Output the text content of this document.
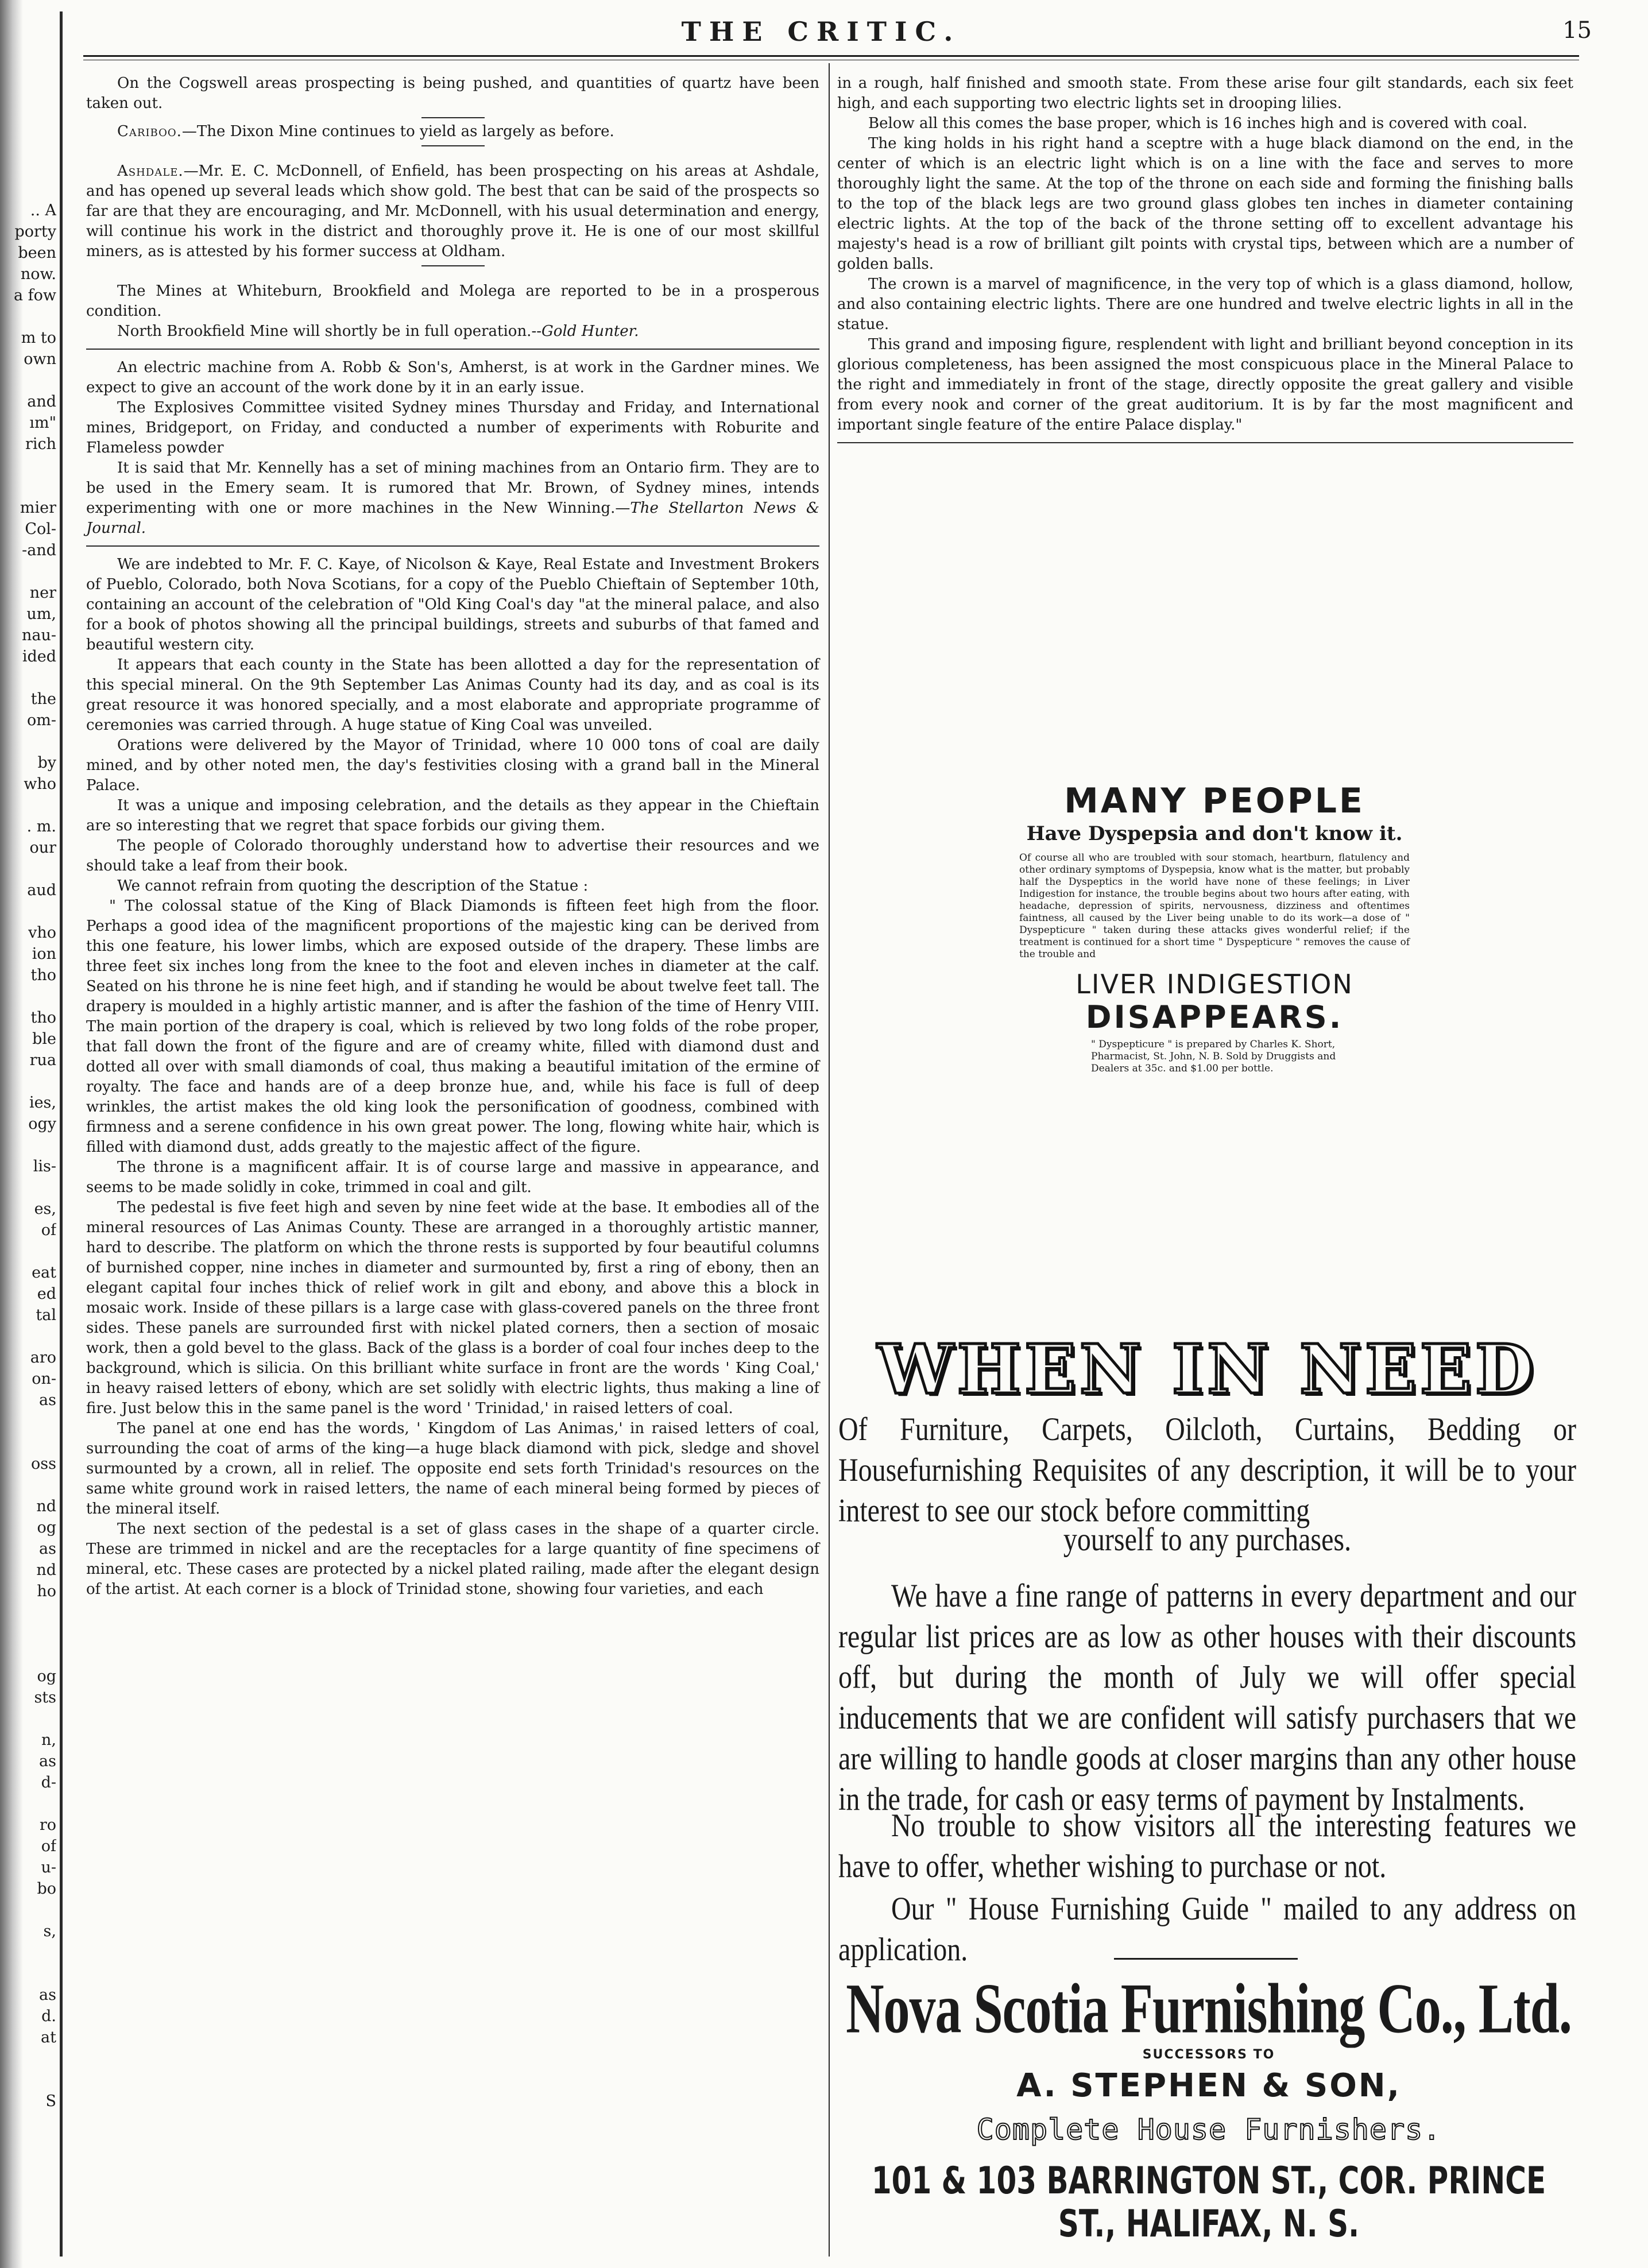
.. A
porty
been
now.
a fow
m to
own
and
ım"
rich
mier
Col-
-and
ner
um,
nau-
ided
the
om-
by
who
. m.
our
aud
vho
ion
tho
tho
ble
rua
ies,
ogy
lis-
es,
of
eat
ed
tal
aro
on-
as
oss
nd
og
as
nd
ho
og
sts
n,
as
d-
ro
of
u-
bo
s,
as
d.
at
S
THE CRITIC.	15

On the Cogswell areas prospecting is being pushed, and quantities of quartz have been taken out.

Cariboo.—The Dixon Mine continues to yield as largely as before.

Ashdale.—Mr. E. C. McDonnell, of Enfield, has been prospecting on his areas at Ashdale, and has opened up several leads which show gold. The best that can be said of the prospects so far are that they are encouraging, and Mr. McDonnell, with his usual determination and energy, will continue his work in the district and thoroughly prove it. He is one of our most skillful miners, as is attested by his former success at Oldham.

The Mines at Whiteburn, Brookfield and Molega are reported to be in a prosperous condition.

North Brookfield Mine will shortly be in full operation.--Gold Hunter.

An electric machine from A. Robb & Son's, Amherst, is at work in the Gardner mines. We expect to give an account of the work done by it in an early issue.

The Explosives Committee visited Sydney mines Thursday and Friday, and International mines, Bridgeport, on Friday, and conducted a number of experiments with Roburite and Flameless powder

It is said that Mr. Kennelly has a set of mining machines from an Ontario firm. They are to be used in the Emery seam. It is rumored that Mr. Brown, of Sydney mines, intends experimenting with one or more machines in the New Winning.—The Stellarton News & Journal.

We are indebted to Mr. F. C. Kaye, of Nicolson & Kaye, Real Estate and Investment Brokers of Pueblo, Colorado, both Nova Scotians, for a copy of the Pueblo Chieftain of September 10th, containing an account of the celebration of "Old King Coal's day "at the mineral palace, and also for a book of photos showing all the principal buildings, streets and suburbs of that famed and beautiful western city.

It appears that each county in the State has been allotted a day for the representation of this special mineral. On the 9th September Las Animas County had its day, and as coal is its great resource it was honored specially, and a most elaborate and appropriate programme of ceremonies was carried through. A huge statue of King Coal was unveiled.

Orations were delivered by the Mayor of Trinidad, where 10 000 tons of coal are daily mined, and by other noted men, the day's festivities closing with a grand ball in the Mineral Palace.

It was a unique and imposing celebration, and the details as they appear in the Chieftain are so interesting that we regret that space forbids our giving them.

The people of Colorado thoroughly understand how to advertise their resources and we should take a leaf from their book.

We cannot refrain from quoting the description of the Statue :

" The colossal statue of the King of Black Diamonds is fifteen feet high from the floor. Perhaps a good idea of the magnificent proportions of the majestic king can be derived from this one feature, his lower limbs, which are exposed outside of the drapery. These limbs are three feet six inches long from the knee to the foot and eleven inches in diameter at the calf. Seated on his throne he is nine feet high, and if standing he would be about twelve feet tall. The drapery is moulded in a highly artistic manner, and is after the fashion of the time of Henry VIII. The main portion of the drapery is coal, which is relieved by two long folds of the robe proper, that fall down the front of the figure and are of creamy white, filled with diamond dust and dotted all over with small diamonds of coal, thus making a beautiful imitation of the ermine of royalty. The face and hands are of a deep bronze hue, and, while his face is full of deep wrinkles, the artist makes the old king look the personification of goodness, combined with firmness and a serene confidence in his own great power. The long, flowing white hair, which is filled with diamond dust, adds greatly to the majestic affect of the figure.

The throne is a magnificent affair. It is of course large and massive in appearance, and seems to be made solidly in coke, trimmed in coal and gilt.

The pedestal is five feet high and seven by nine feet wide at the base. It embodies all of the mineral resources of Las Animas County. These are arranged in a thoroughly artistic manner, hard to describe. The platform on which the throne rests is supported by four beautiful columns of burnished copper, nine inches in diameter and surmounted by, first a ring of ebony, then an elegant capital four inches thick of relief work in gilt and ebony, and above this a block in mosaic work. Inside of these pillars is a large case with glass-covered panels on the three front sides. These panels are surrounded first with nickel plated corners, then a section of mosaic work, then a gold bevel to the glass. Back of the glass is a border of coal four inches deep to the background, which is silicia. On this brilliant white surface in front are the words ' King Coal,' in heavy raised letters of ebony, which are set solidly with electric lights, thus making a line of fire. Just below this in the same panel is the word ' Trinidad,' in raised letters of coal.

The panel at one end has the words, ' Kingdom of Las Animas,' in raised letters of coal, surrounding the coat of arms of the king—a huge black diamond with pick, sledge and shovel surmounted by a crown, all in relief. The opposite end sets forth Trinidad's resources on the same white ground work in raised letters, the name of each mineral being formed by pieces of the mineral itself.

The next section of the pedestal is a set of glass cases in the shape of a quarter circle. These are trimmed in nickel and are the receptacles for a large quantity of fine specimens of mineral, etc. These cases are protected by a nickel plated railing, made after the elegant design of the artist. At each corner is a block of Trinidad stone, showing four varieties, and each

in a rough, half finished and smooth state. From these arise four gilt standards, each six feet high, and each supporting two electric lights set in drooping lilies.

Below all this comes the base proper, which is 16 inches high and is covered with coal.

The king holds in his right hand a sceptre with a huge black diamond on the end, in the center of which is an electric light which is on a line with the face and serves to more thoroughly light the same. At the top of the throne on each side and forming the finishing balls to the top of the black legs are two ground glass globes ten inches in diameter containing electric lights. At the top of the back of the throne setting off to excellent advantage his majesty's head is a row of brilliant gilt points with crystal tips, between which are a number of golden balls.

The crown is a marvel of magnificence, in the very top of which is a glass diamond, hollow, and also containing electric lights. There are one hundred and twelve electric lights in all in the statue.

This grand and imposing figure, resplendent with light and brilliant beyond conception in its glorious completeness, has been assigned the most conspicuous place in the Mineral Palace to the right and immediately in front of the stage, directly opposite the great gallery and visible from every nook and corner of the great auditorium. It is by far the most magnificent and important single feature of the entire Palace display."

MANY PEOPLE
Have Dyspepsia and don't know it.
Of course all who are troubled with sour stomach, heartburn, flatulency and other ordinary symptoms of Dyspepsia, know what is the matter, but probably half the Dyspeptics in the world have none of these feelings; in Liver Indigestion for instance, the trouble begins about two hours after eating, with headache, depression of spirits, nervousness, dizziness and oftentimes faintness, all caused by the Liver being unable to do its work—a dose of " Dyspepticure " taken during these attacks gives wonderful relief; if the treatment is continued for a short time " Dyspepticure " removes the cause of the trouble and
LIVER INDIGESTION
DISAPPEARS.
" Dyspepticure " is prepared by Charles K. Short, Pharmacist, St. John, N. B. Sold by Druggists and Dealers at 35c. and $1.00 per bottle.
WHEN IN NEED

Of Furniture, Carpets, Oilcloth, Curtains, Bedding or Housefurnishing Requisites of any description, it will be to your interest to see our stock before committing

yourself to any purchases.

We have a fine range of patterns in every department and our regular list prices are as low as other houses with their discounts off, but during the month of July we will offer special inducements that we are confident will satisfy purchasers that we are willing to handle goods at closer margins than any other house in the trade, for cash or easy terms of payment by Instalments.

No trouble to show visitors all the interesting features we have to offer, whether wishing to purchase or not.

Our " House Furnishing Guide " mailed to any address on application.

Nova Scotia Furnishing Co., Ltd.
SUCCESSORS TO
A. STEPHEN & SON,
Complete House Furnishers.
101 & 103 BARRINGTON ST., COR. PRINCE ST., HALIFAX, N. S.
